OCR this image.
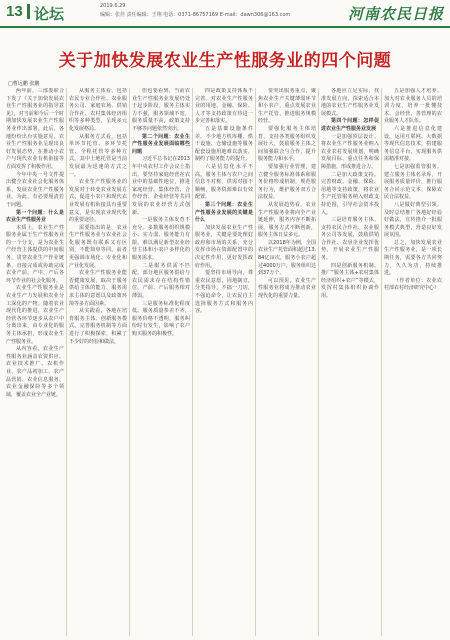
13 论坛	2019.6.29
编辑：张佳 责任编辑：王翔 电话：0371-86757169 E-mail：dawn306@163.com	河南农民日报
关于加快发展农业生产性服务业的四个问题
□曹远鹏 张鹏

两年前，三部委联合下发了《关于加快发展农业生产性服务业的指导意见》，对当前和今后一个时期加快发展农业生产性服务业作出部署。此后，各地纷纷出台实施意见，农业生产性服务业呈现出良好发展态势，在推动小农户与现代农业有机衔接等方面发挥了积极作用。

今年中央一号文件提出健全农业社会化服务体系，发展农业生产性服务业。为此，有必要厘清若干问题。

第一个问题：什么是农业生产性服务业

本质上，农业生产性服务业属于生产性服务业的一个分支，是为农业生产经营主体提供的中间服务，贯穿农业生产作业链条，直接完成或协助完成农业产前、产中、产后各环节作业的社会化服务。

农业生产性服务业是农业生产力发展和农业分工深化的产物。随着农业现代化的推进，农业生产经营各环节逐步从农户中分离出来，由专业化的服务主体承担，形成农业生产性服务业。

从内容看，农业生产性服务业涵盖农资供应、农业技术推广、农机作业、农产品初加工、农产品营销、农业信息服务、农业金融保险等多个领域，覆盖农业全产业链。

从服务主体看，包括农民专业合作社、农业服务公司、家庭农场、供销合作社、农村集体经济组织等多种类型，呈现多元化发展格局。

从服务方式看，包括单环节托管、多环节托管、全程托管等多种方式，其中土地托管是当前发展最为迅速的方式之一。

农业生产性服务业的发展对于转变农业发展方式、促进小农户和现代农业发展有机衔接具有重要意义，是实现农业现代化的重要途径。

需要指出的是，农业生产性服务业与农业社会化服务既有联系又有区别，不能简单等同。前者更强调市场化、专业化和产业化发展。

农业生产性服务业能否健康发展，取决于服务供给主体的能力、服务需求主体的意愿以及政策环境等多方面因素。

从实践看，各地在培育服务主体、创新服务模式、完善服务机制等方面进行了积极探索，积累了不少好的经验和做法。

但也要看到，当前农业生产性服务业发展仍处于起步阶段，服务主体实力不强，服务领域不宽，服务质量不高，政策支持不够等问题依然突出。

第二个问题：农业生产性服务业发展面临哪些问题

习近平总书记在2013年中央农村工作会议上指出，要坚持家庭经营在农业中的基础性地位，推进家庭经营、集体经营、合作经营、企业经营等共同发展的农业经营方式创新。

一是服务主体发育不充分。多数服务组织规模小、实力弱、服务能力有限，难以满足新型农业经营主体和小农户多样化的服务需求。

二是服务供需不匹配。部分地区服务供给与农民需求存在结构性错位，产前、产后服务相对薄弱。

三是服务标准化程度低。服务质量参差不齐，服务价格不透明，服务纠纷时有发生，影响了农户购买服务的积极性。

四是政策支持体系不完善。对农业生产性服务业的用地、金融、保险、人才等支持政策有待进一步完善和落实。

五是基础设施条件差。不少地方机库棚、烘干设施、仓储设施等服务配套设施用地难以落实，制约了服务能力的提升。

六是信息化水平不高。服务主体与农户之间信息不对称，供需对接不顺畅，服务资源难以有效配置。

第三个问题：农业生产性服务业发展的关键是什么

加快发展农业生产性服务业，关键是要处理好政府和市场的关系，充分发挥市场在资源配置中的决定性作用，更好发挥政府作用。

要坚持市场导向，尊重农民意愿，因地制宜，分类指导，不搞一刀切，不强迫命令，让农民自主选择服务方式和服务内容。

要突出服务重点，聚焦农业生产关键薄弱环节和小农户，重点发展农业生产托管，推进服务规模经营。

要强化服务主体培育，支持各类服务组织发展壮大，鼓励服务主体之间加强联合与合作，提升服务能力和水平。

要加强行业管理，建立健全服务标准体系和服务价格形成机制，规范服务行为，维护服务双方合法权益。

从发展趋势看，农业生产性服务业将向全产业链延伸，服务内容不断拓展，服务方式不断创新，服务主体日益多元。

以2018年为例，全国农业生产托管面积超过13.84亿亩次，服务小农户超过4000万户，服务组织达到37万个。

可以预见，农业生产性服务业将成为推动农业现代化的重要力量。

各地应立足实际，找准发展方向，探索适合本地的农业生产性服务业发展模式。

第四个问题：怎样促进农业生产性服务业发展

一是加强顶层设计。将农业生产性服务业纳入农业农村发展规划，明确发展目标、重点任务和保障措施，形成推进合力。

二是加大政策支持。完善财政、金融、保险、用地等支持政策，将农业生产托管服务纳入财政支持范围，引导社会资本投入。

三是培育服务主体。支持农民合作社、农业服务公司等发展，鼓励供销合作社、农垦企业发挥优势，开展农业生产性服务。

四是创新服务机制。推广“服务主体+农村集体经济组织+农户”等模式，发挥村集体组织协调作用。

五是加强人才培养。加大对农业服务人员的培训力度，培养一批懂技术、会经营、善管理的农业服务人才队伍。

六是推进信息化建设。运用互联网、大数据等现代信息技术，搭建服务信息平台，实现服务供需精准对接。

七是加强监管服务。建立服务主体名录库，开展服务质量评价，推行服务合同示范文本，保障农民合法权益。

八是做好典型引领。及时总结推广各地好经验好做法，宣传推介一批服务模式典型，营造良好发展氛围。

总之，加快发展农业生产性服务业，是一项长期任务，需要各方共同努力，久久为功，持续推进。

（作者单位：农业农村部农村经济研究中心）
